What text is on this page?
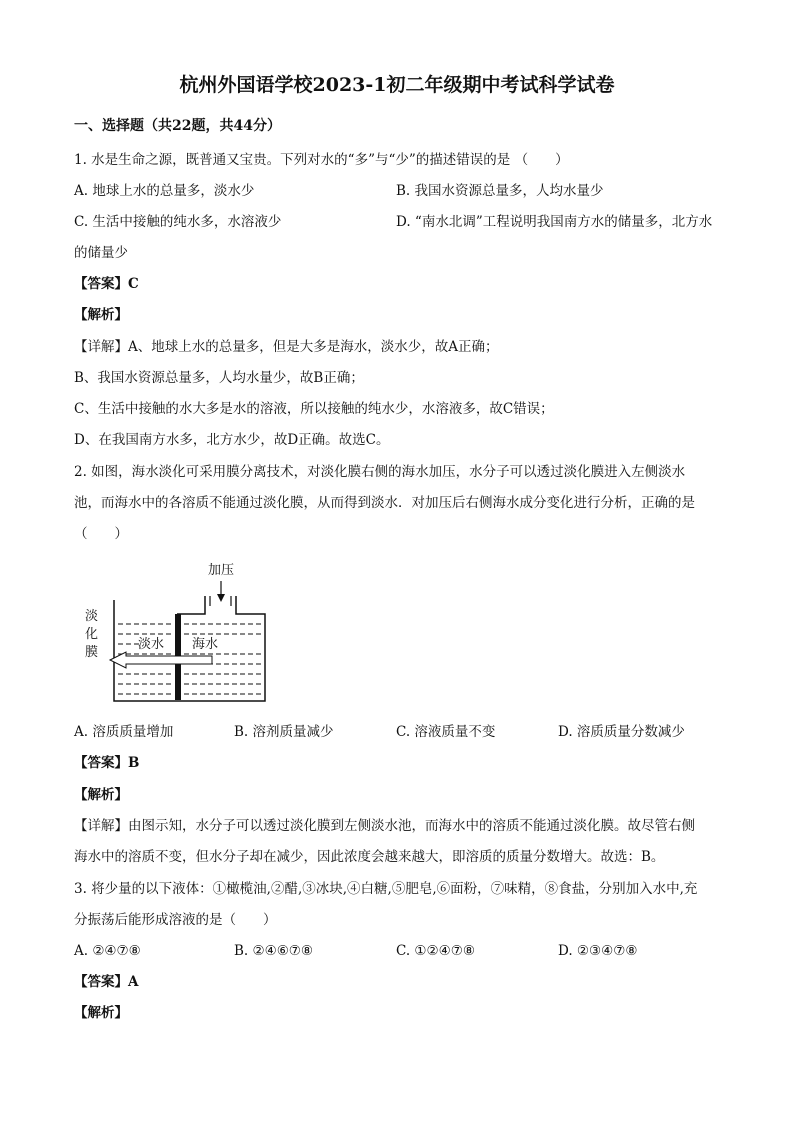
杭州外国语学校2023-1初二年级期中考试科学试卷
一、选择题（共22题，共44分）
1. 水是生命之源，既普通又宝贵。下列对水的“多”与“少”的描述错误的是 （　　）
A. 地球上水的总量多，淡水少	B. 我国水资源总量多，人均水量少
C. 生活中接触的纯水多，水溶液少	D. “南水北调”工程说明我国南方水的储量多，北方水
的储量少
【答案】C
【解析】
【详解】A、地球上水的总量多，但是大多是海水，淡水少，故A正确；
B、我国水资源总量多，人均水量少，故B正确；
C、生活中接触的水大多是水的溶液，所以接触的纯水少，水溶液多，故C错误；
D、在我国南方水多，北方水少，故D正确。故选C。
2. 如图，海水淡化可采用膜分离技术，对淡化膜右侧的海水加压，水分子可以透过淡化膜进入左侧淡水
池，而海水中的各溶质不能通过淡化膜，从而得到淡水．对加压后右侧海水成分变化进行分析，正确的是
（　　）
加压
淡
化
膜
淡水 海水
A. 溶质质量增加	B. 溶剂质量减少	C. 溶液质量不变	D. 溶质质量分数减少
【答案】B
【解析】
【详解】由图示知，水分子可以透过淡化膜到左侧淡水池，而海水中的溶质不能通过淡化膜。故尽管右侧
海水中的溶质不变，但水分子却在减少，因此浓度会越来越大，即溶质的质量分数增大。故选：B。
3. 将少量的以下液体：①橄榄油,②醋,③冰块,④白糖,⑤肥皂,⑥面粉，⑦味精，⑧食盐，分别加入水中,充
分振荡后能形成溶液的是（　　）
A. ②④⑦⑧	B. ②④⑥⑦⑧	C. ①②④⑦⑧	D. ②③④⑦⑧
【答案】A
【解析】
